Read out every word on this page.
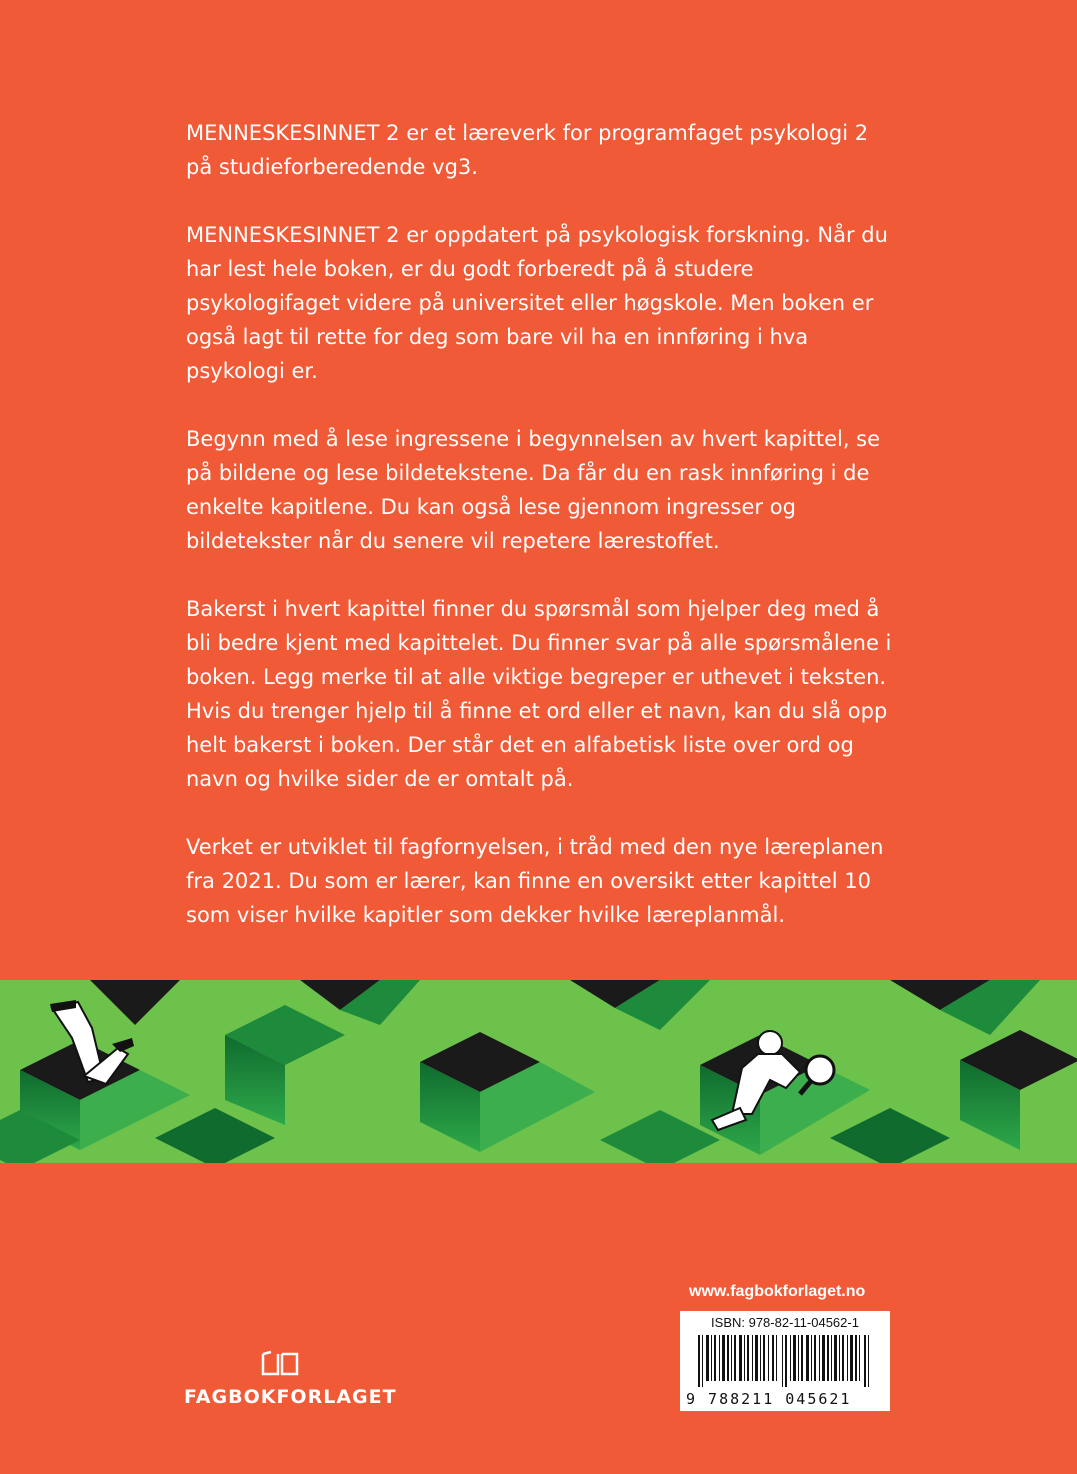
MENNESKESINNET 2 er et læreverk for programfaget psykologi 2 på studieforberedende vg3.

MENNESKESINNET 2 er oppdatert på psykologisk forskning. Når du har lest hele boken, er du godt forberedt på å studere psykologifaget videre på universitet eller høgskole. Men boken er også lagt til rette for deg som bare vil ha en innføring i hva psykologi er.

Begynn med å lese ingressene i begynnelsen av hvert kapittel, se på bildene og lese bildetekstene. Da får du en rask innføring i de enkelte kapitlene. Du kan også lese gjennom ingresser og bildetekster når du senere vil repetere lærestoffet.

Bakerst i hvert kapittel finner du spørsmål som hjelper deg med å bli bedre kjent med kapittelet. Du finner svar på alle spørsmålene i boken. Legg merke til at alle viktige begreper er uthevet i teksten. Hvis du trenger hjelp til å finne et ord eller et navn, kan du slå opp helt bakerst i boken. Der står det en alfabetisk liste over ord og navn og hvilke sider de er omtalt på.

Verket er utviklet til fagfornyelsen, i tråd med den nye læreplanen fra 2021. Du som er lærer, kan finne en oversikt etter kapittel 10 som viser hvilke kapitler som dekker hvilke læreplanmål.

www.fagbokforlaget.no
ISBN: 978-82-11-04562-1
9 788211 045621
FAGBOKFORLAGET
